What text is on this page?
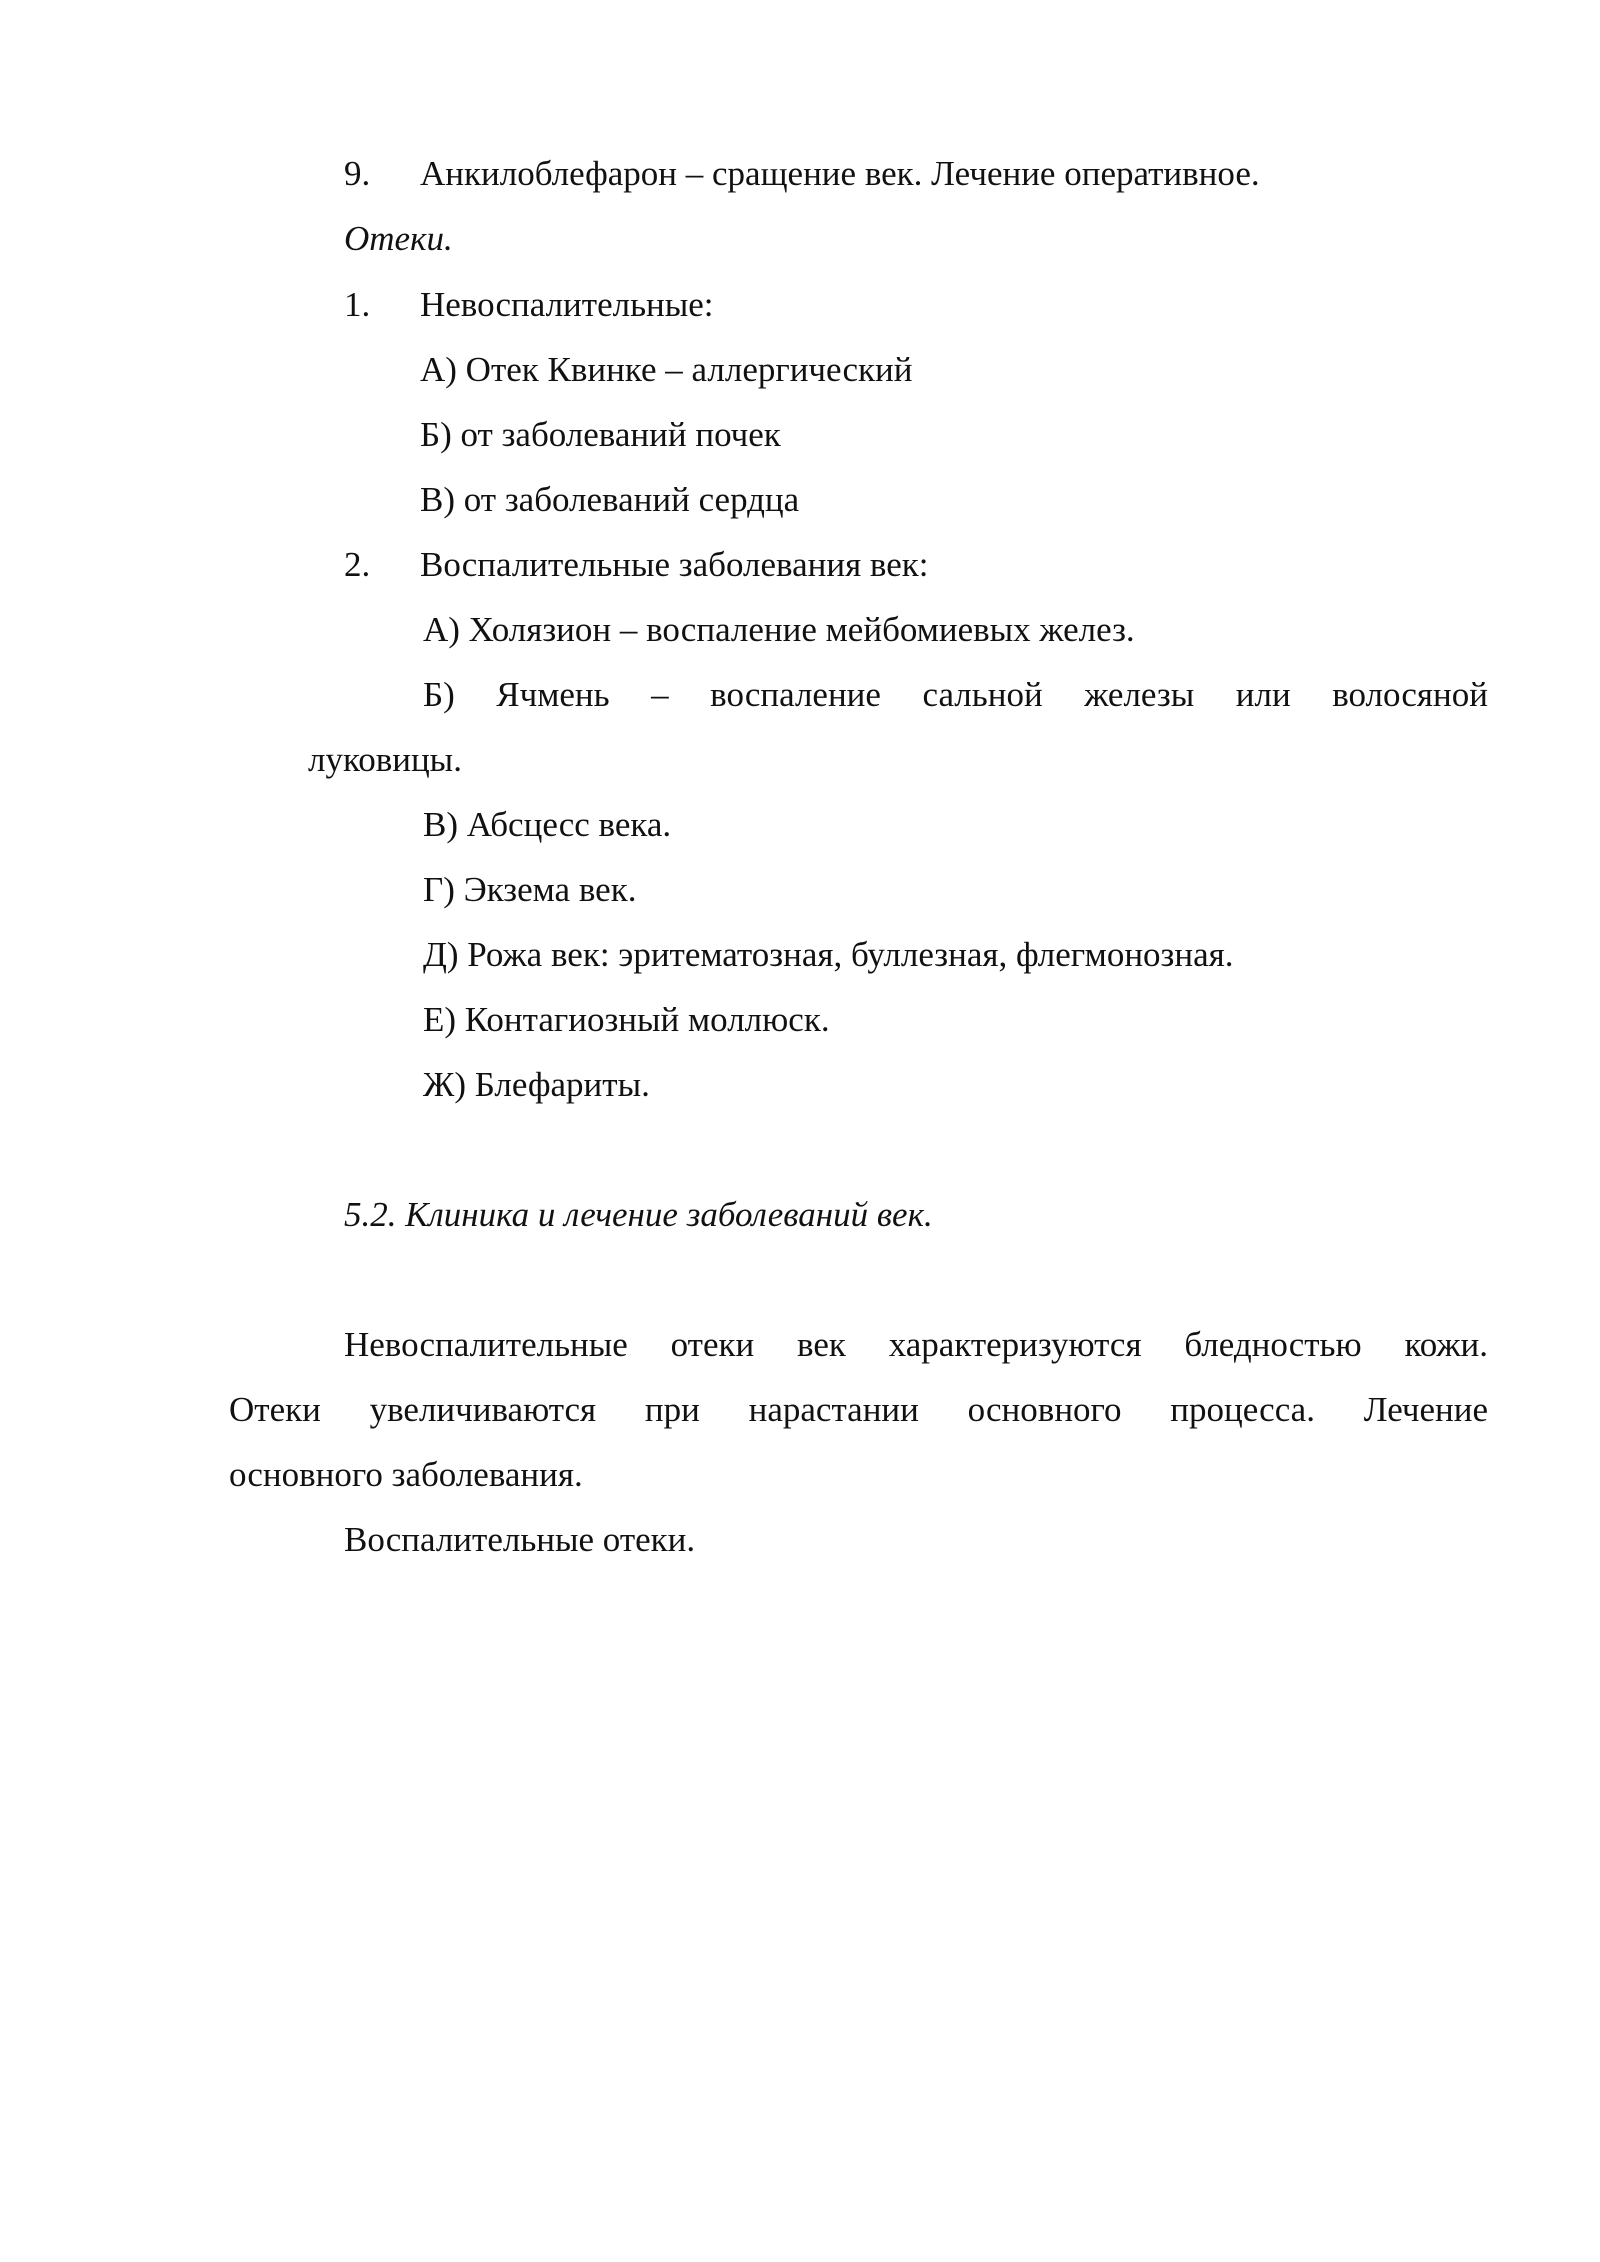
9. Анкилоблефарон – сращение век. Лечение оперативное.
Отеки.
1. Невоспалительные:
А) Отек Квинке – аллергический
Б) от заболеваний почек
В) от заболеваний сердца
2. Воспалительные заболевания век:
А) Холязион – воспаление мейбомиевых желез.
Б) Ячмень – воспаление сальной железы или волосяной
луковицы.
В) Абсцесс века.
Г) Экзема век.
Д) Рожа век: эритематозная, буллезная, флегмонозная.
Е) Контагиозный моллюск.
Ж) Блефариты.
5.2. Клиника и лечение заболеваний век.
Невоспалительные отеки век характеризуются бледностью кожи.
Отеки увеличиваются при нарастании основного процесса. Лечение
основного заболевания.
Воспалительные отеки.
